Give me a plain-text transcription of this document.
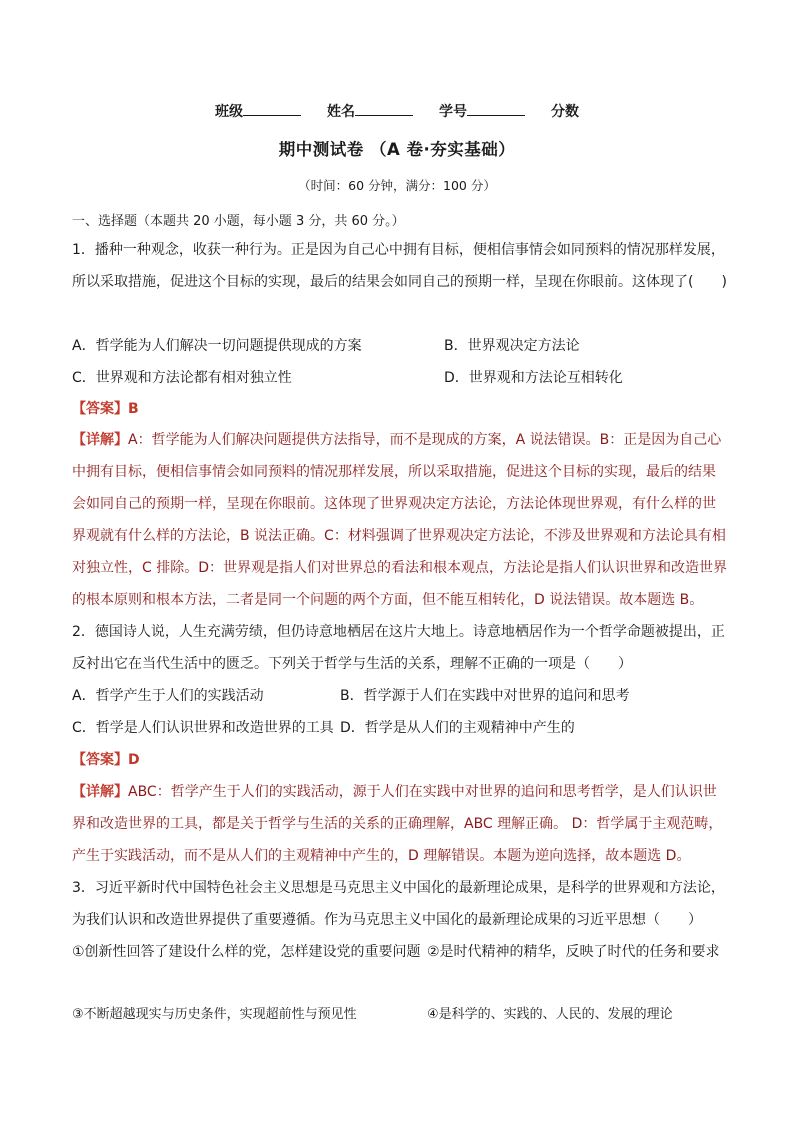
班级	姓名	学号	分数
期中测试卷 （A 卷·夯实基础）
（时间：60 分钟，满分：100 分）
一、选择题（本题共 20 小题，每小题 3 分，共 60 分。）
1．播种一种观念，收获一种行为。正是因为自己心中拥有目标，便相信事情会如同预料的情况那样发展，
所以采取措施，促进这个目标的实现，最后的结果会如同自己的预期一样，呈现在你眼前。这体现了(　　)
A．哲学能为人们解决一切问题提供现成的方案	B．世界观决定方法论
C．世界观和方法论都有相对独立性	D．世界观和方法论互相转化
【答案】B
【详解】A：哲学能为人们解决问题提供方法指导，而不是现成的方案，A 说法错误。B：正是因为自己心
中拥有目标，便相信事情会如同预料的情况那样发展，所以采取措施，促进这个目标的实现，最后的结果
会如同自己的预期一样，呈现在你眼前。这体现了世界观决定方法论，方法论体现世界观，有什么样的世
界观就有什么样的方法论，B 说法正确。C：材料强调了世界观决定方法论，不涉及世界观和方法论具有相
对独立性，C 排除。D：世界观是指人们对世界总的看法和根本观点，方法论是指人们认识世界和改造世界
的根本原则和根本方法，二者是同一个问题的两个方面，但不能互相转化，D 说法错误。故本题选 B。
2．德国诗人说，人生充满劳绩，但仍诗意地栖居在这片大地上。诗意地栖居作为一个哲学命题被提出，正
反衬出它在当代生活中的匮乏。下列关于哲学与生活的关系，理解不正确的一项是（　　）
A．哲学产生于人们的实践活动	B．哲学源于人们在实践中对世界的追问和思考
C．哲学是人们认识世界和改造世界的工具 D．哲学是从人们的主观精神中产生的
【答案】D
【详解】ABC：哲学产生于人们的实践活动，源于人们在实践中对世界的追问和思考哲学，是人们认识世
界和改造世界的工具，都是关于哲学与生活的关系的正确理解，ABC 理解正确。 D：哲学属于主观范畴，
产生于实践活动，而不是从人们的主观精神中产生的，D 理解错误。本题为逆向选择，故本题选 D。
3．习近平新时代中国特色社会主义思想是马克思主义中国化的最新理论成果，是科学的世界观和方法论，
为我们认识和改造世界提供了重要遵循。作为马克思主义中国化的最新理论成果的习近平思想（　　）
①创新性回答了建设什么样的党，怎样建设党的重要问题 ②是时代精神的精华，反映了时代的任务和要求
③不断超越现实与历史条件，实现超前性与预见性	④是科学的、实践的、人民的、发展的理论
